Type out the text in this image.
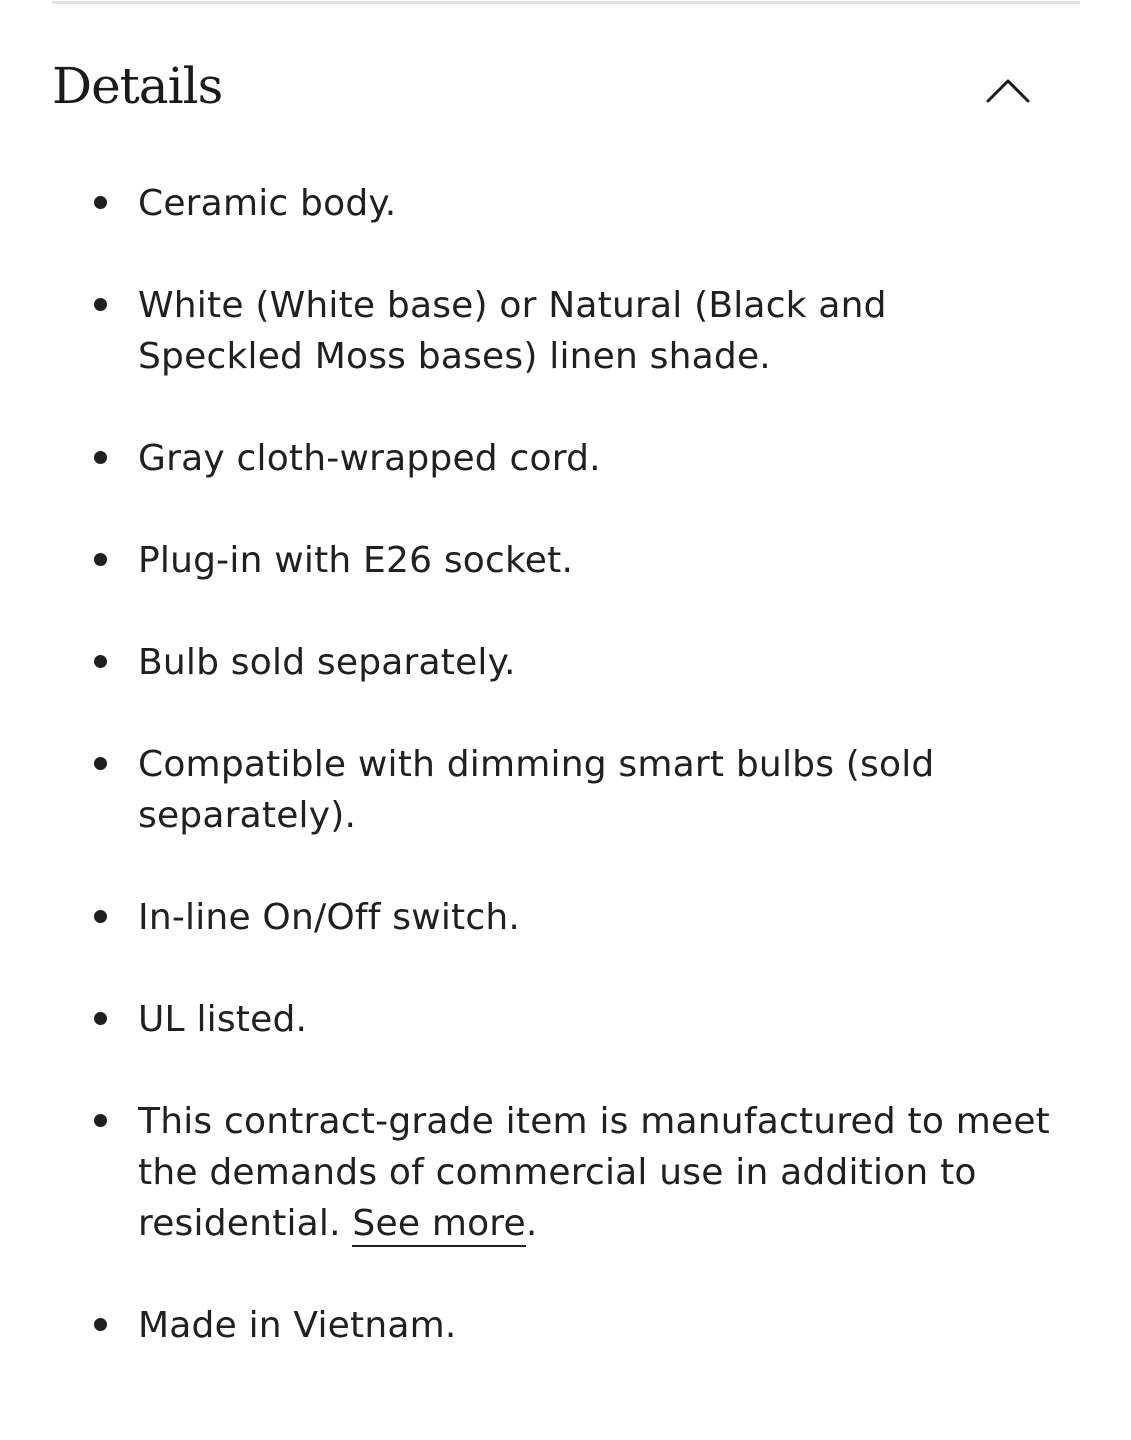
Details
Ceramic body.
White (White base) or Natural (Black and Speckled Moss bases) linen shade.
Gray cloth-wrapped cord.
Plug-in with E26 socket.
Bulb sold separately.
Compatible with dimming smart bulbs (sold separately).
In-line On/Off switch.
UL listed.
This contract-grade item is manufactured to meet the demands of commercial use in addition to residential. See more.
Made in Vietnam.
